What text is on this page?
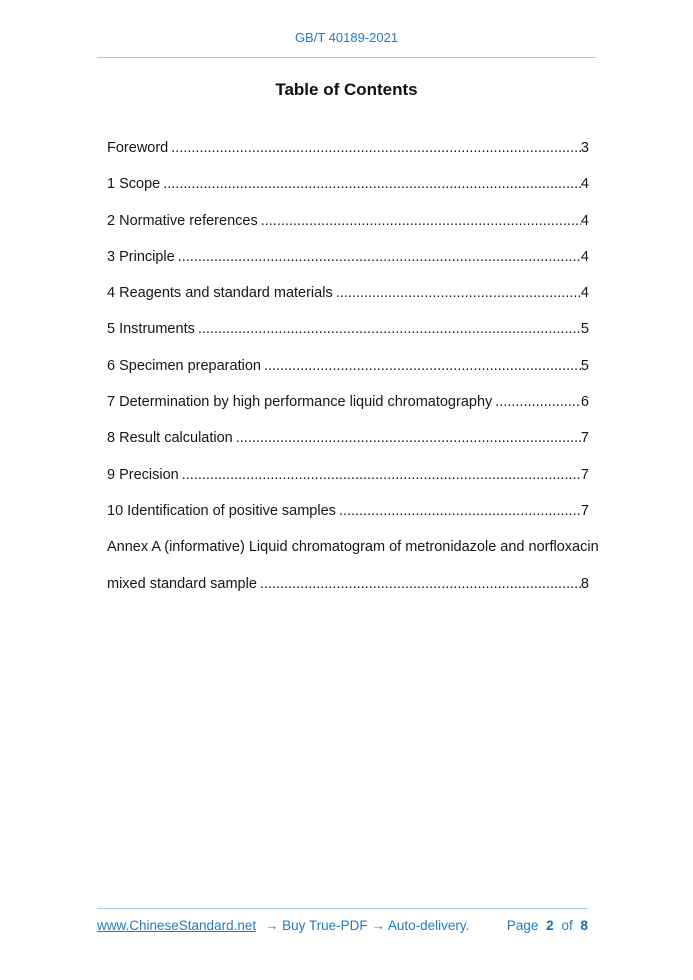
GB/T 40189-2021
Table of Contents
Foreword .....	3
1 Scope .....	4
2 Normative references .....	4
3 Principle .....	4
4 Reagents and standard materials .....	4
5 Instruments .....	5
6 Specimen preparation .....	5
7 Determination by high performance liquid chromatography .....	6
8 Result calculation .....	7
9 Precision .....	7
10 Identification of positive samples .....	7
Annex A (informative) Liquid chromatogram of metronidazole and norfloxacin
mixed standard sample .....	8
www.ChineseStandard.net → Buy True-PDF → Auto-delivery.	Page 2 of 8
